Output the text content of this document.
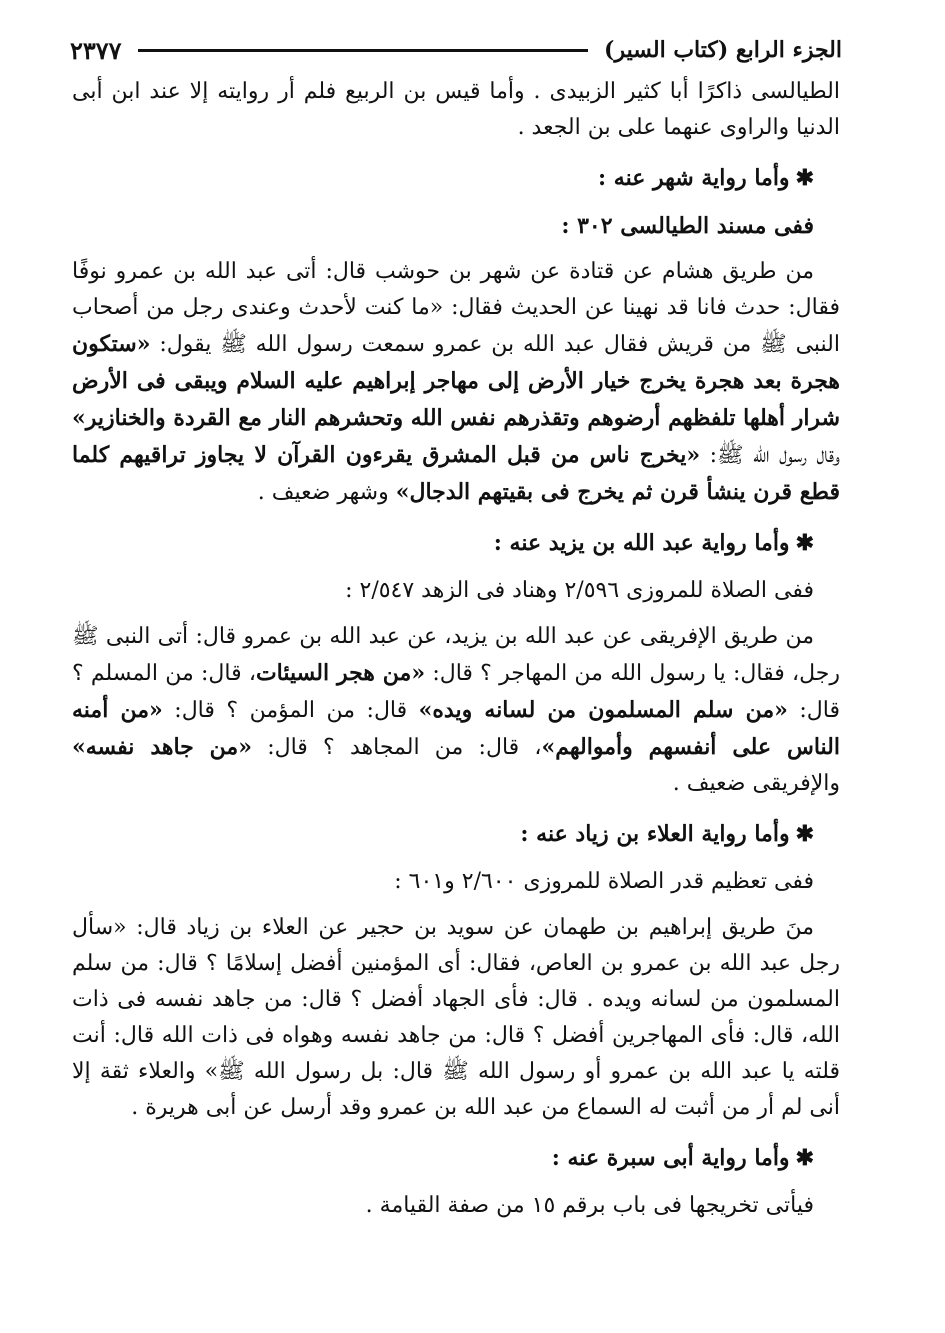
الجزء الرابع (كتاب السير)
٢٣٧٧

الطيالسى ذاكرًا أبا كثير الزبيدى . وأما قيس بن الربيع فلم أر روايته إلا عند ابن أبى الدنيا والراوى عنهما على بن الجعد .

✱وأما رواية شهر عنه :

ففى مسند الطيالسى ٣٠٢ :

من طريق هشام عن قتادة عن شهر بن حوشب قال: أتى عبد الله بن عمرو نوفًا فقال: حدث فانا قد نهينا عن الحديث فقال: «ما كنت لأحدث وعندى رجل من أصحاب النبى ﷺ من قريش فقال عبد الله بن عمرو سمعت رسول الله ﷺ يقول: «ستكون هجرة بعد هجرة يخرج خيار الأرض إلى مهاجر إبراهيم عليه السلام ويبقى فى الأرض شرار أهلها تلفظهم أرضوهم وتقذرهم نفس الله وتحشرهم النار مع القردة والخنازير» وقال رسول الله ﷺ: «يخرج ناس من قبل المشرق يقرءون القرآن لا يجاوز تراقيهم كلما قطع قرن ينشأ قرن ثم يخرج فى بقيتهم الدجال» وشهر ضعيف .

✱وأما رواية عبد الله بن يزيد عنه :

ففى الصلاة للمروزى ٢/٥٩٦ وهناد فى الزهد ٢/٥٤٧ :

من طريق الإفريقى عن عبد الله بن يزيد، عن عبد الله بن عمرو قال: أتى النبى ﷺ رجل، فقال: يا رسول الله من المهاجر ؟ قال: «من هجر السيئات، قال: من المسلم ؟ قال: «من سلم المسلمون من لسانه ويده» قال: من المؤمن ؟ قال: «من أمنه الناس على أنفسهم وأموالهم»، قال: من المجاهد ؟ قال: «من جاهد نفسه» والإفريقى ضعيف .

✱وأما رواية العلاء بن زياد عنه :

ففى تعظيم قدر الصلاة للمروزى ٢/٦٠٠ و٦٠١ :

منَ طريق إبراهيم بن طهمان عن سويد بن حجير عن العلاء بن زياد قال: «سأل رجل عبد الله بن عمرو بن العاص، فقال: أى المؤمنين أفضل إسلامًا ؟ قال: من سلم المسلمون من لسانه ويده . قال: فأى الجهاد أفضل ؟ قال: من جاهد نفسه فى ذات الله، قال: فأى المهاجرين أفضل ؟ قال: من جاهد نفسه وهواه فى ذات الله قال: أنت قلته يا عبد الله بن عمرو أو رسول الله ﷺ قال: بل رسول الله ﷺ» والعلاء ثقة إلا أنى لم أر من أثبت له السماع من عبد الله بن عمرو وقد أرسل عن أبى هريرة .

✱وأما رواية أبى سبرة عنه :

فيأتى تخريجها فى باب برقم ١٥ من صفة القيامة .
